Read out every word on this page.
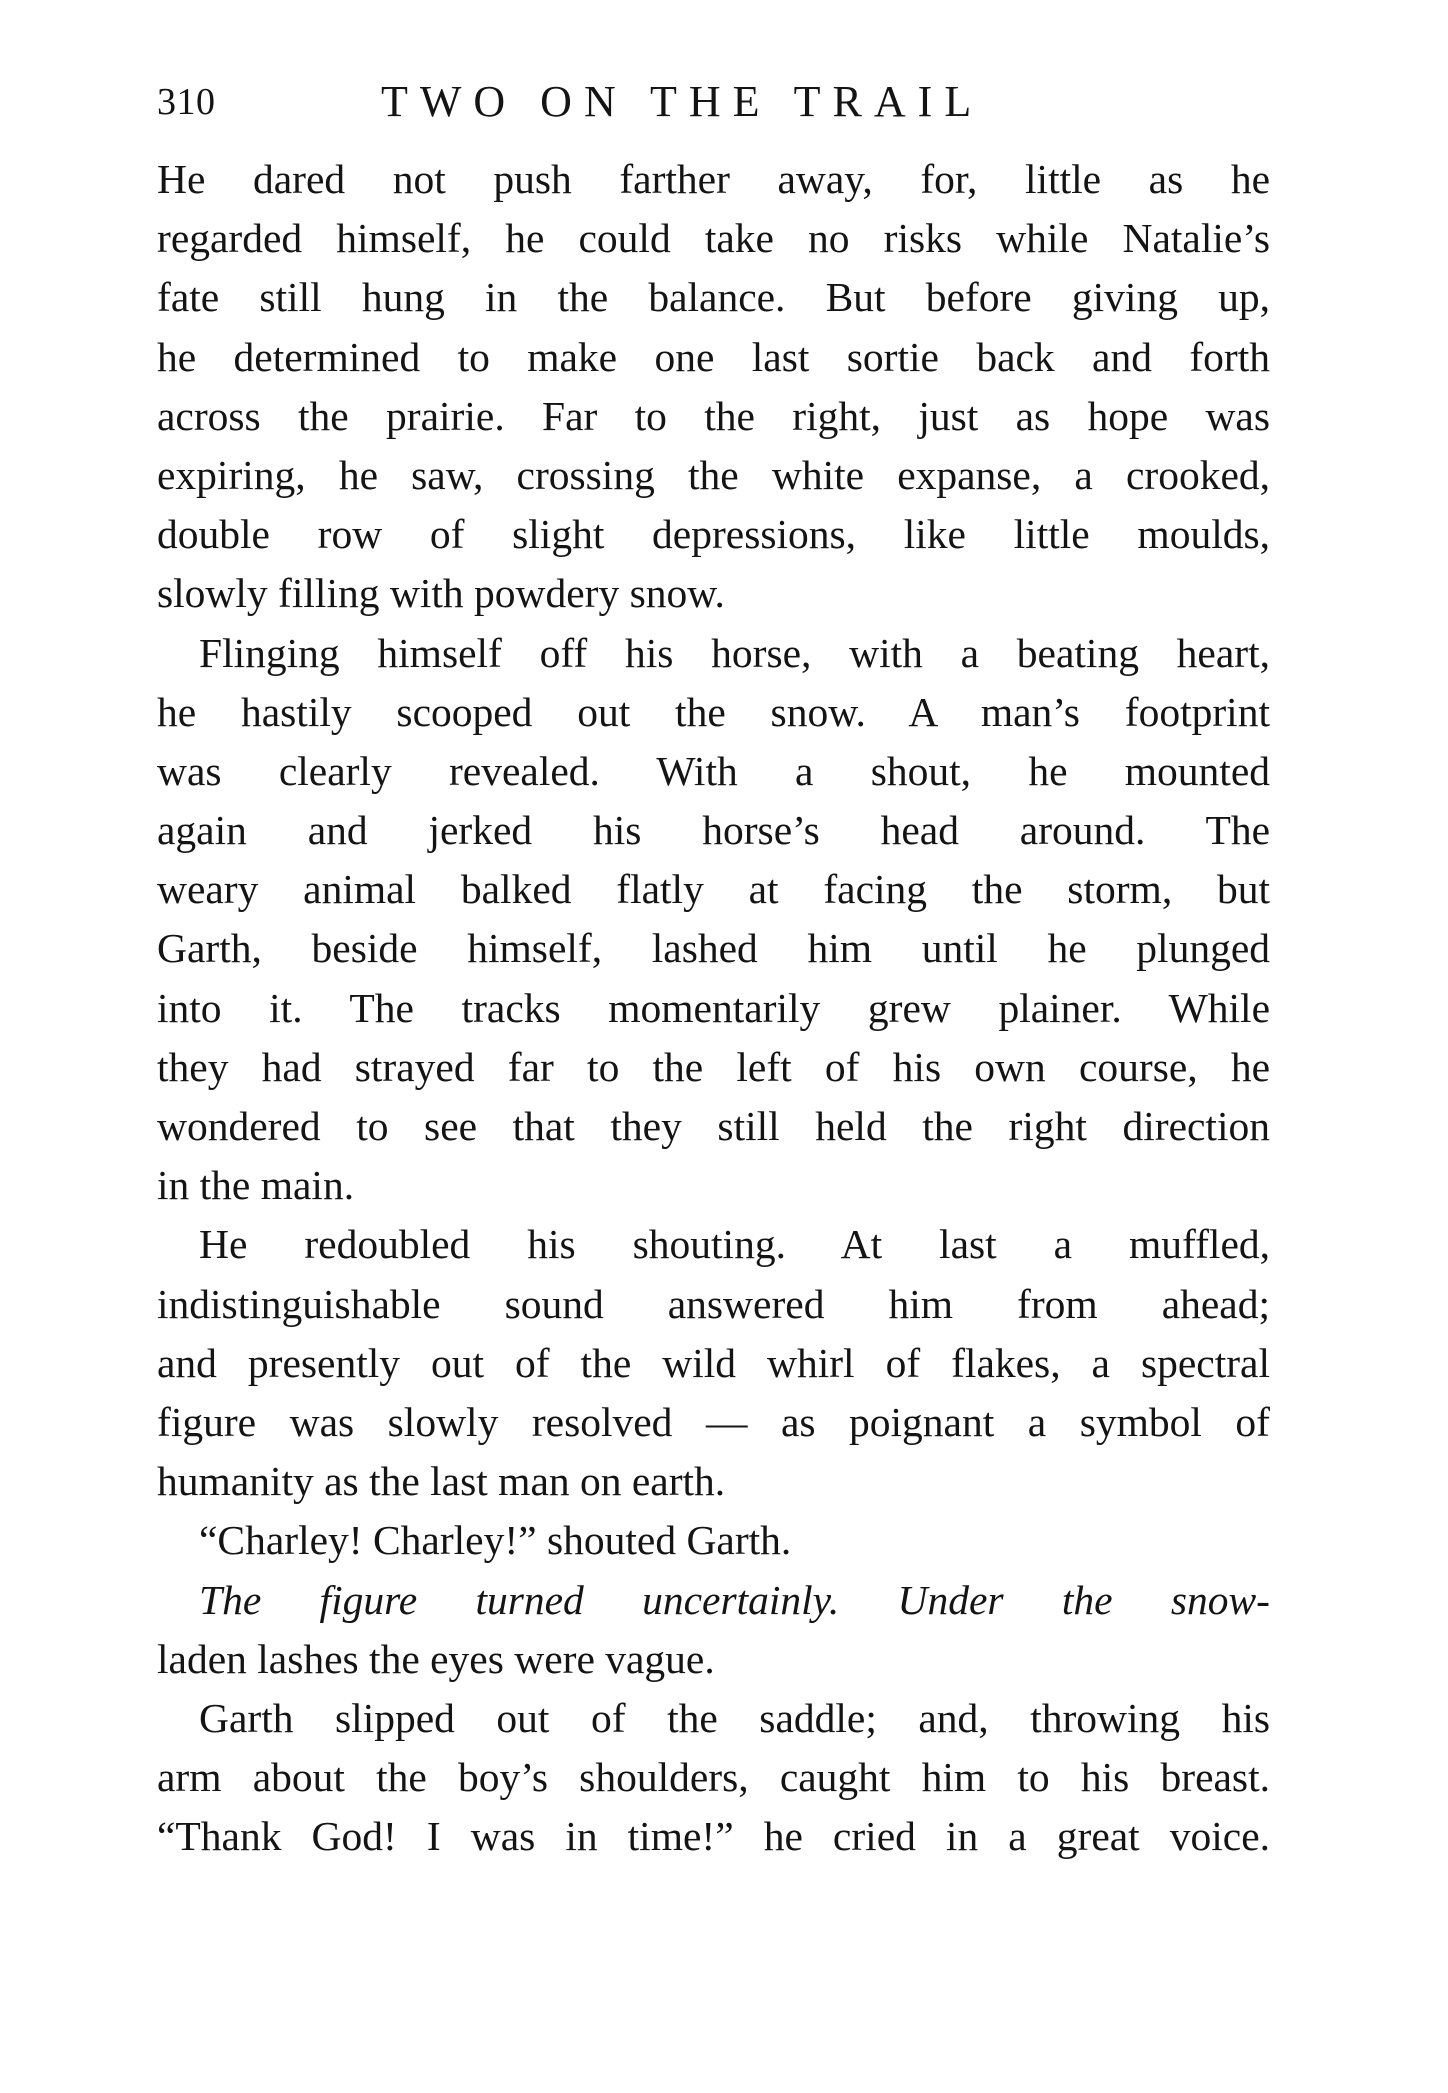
310	TWO ON THE TRAIL
He dared not push farther away, for, little as he
regarded himself, he could take no risks while Natalie’s
fate still hung in the balance. But before giving up,
he determined to make one last sortie back and forth
across the prairie. Far to the right, just as hope was
expiring, he saw, crossing the white expanse, a crooked,
double row of slight depressions, like little moulds,
slowly filling with powdery snow.
Flinging himself off his horse, with a beating heart,
he hastily scooped out the snow. A man’s footprint
was clearly revealed. With a shout, he mounted
again and jerked his horse’s head around. The
weary animal balked flatly at facing the storm, but
Garth, beside himself, lashed him until he plunged
into it. The tracks momentarily grew plainer. While
they had strayed far to the left of his own course, he
wondered to see that they still held the right direction
in the main.
He redoubled his shouting. At last a muffled,
indistinguishable sound answered him from ahead;
and presently out of the wild whirl of flakes, a spectral
figure was slowly resolved — as poignant a symbol of
humanity as the last man on earth.
“Charley! Charley!” shouted Garth.
The figure turned uncertainly. Under the snow-
laden lashes the eyes were vague.
Garth slipped out of the saddle; and, throwing his
arm about the boy’s shoulders, caught him to his breast.
“Thank God! I was in time!” he cried in a great voice.
